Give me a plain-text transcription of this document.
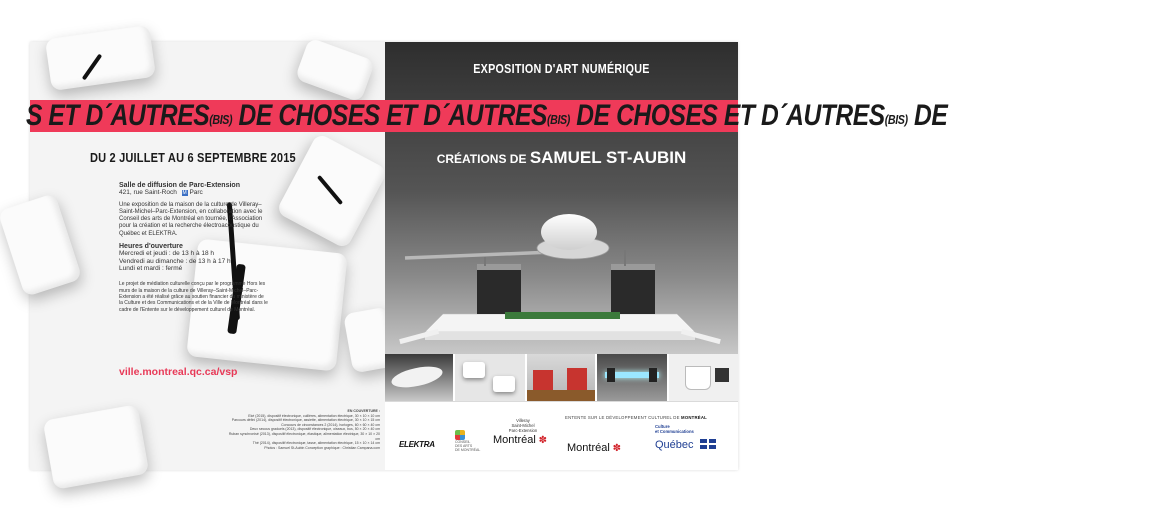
DU 2 JUILLET AU 6 SEPTEMBRE 2015
Salle de diffusion de Parc-Extension
421, rue Saint-Roch M Parc
Une exposition de la maison de la culture de Villeray–Saint-Michel–Parc-Extension, en collaboration avec le Conseil des arts de Montréal en tournée, l'Association pour la création et la recherche électroacoustique du Québec et ELEKTRA.
Heures d'ouverture
Mercredi et jeudi : de 13 h à 18 h
Vendredi au dimanche : de 13 h à 17 h
Lundi et mardi : fermé
Le projet de médiation culturelle conçu par le programme Hors les murs de la maison de la culture de Villeray–Saint-Michel–Parc-Extension a été réalisé grâce au soutien financier du ministère de la Culture et des Communications et de la Ville de Montréal dans le cadre de l'Entente sur le développement culturel de Montréal.
ville.montreal.qc.ca/vsp
EN COUVERTURE :
Eké (2015), dispositif électronique, cuillères, alimentation électrique, 30 × 10 × 10 cm
Parcours défini (2014), dispositif électronique, assiette, alimentation électrique, 30 × 10 × 15 cm
Concours de circonstances 2 (2014), horloges, 60 × 60 × 40 cm
Deux secous graduels (2013), dispositif électronique, oiseaux, bus, 50 × 20 × 40 cm
Ruban synchronisé (2013), dispositif électronique, élastique, alimentation électrique, 30 × 10 × 20 cm
Thé (2014), dispositif électronique, tasse, alimentation électrique, 15 × 10 × 14 cm
Photos : Samuel St-Aubin Conception graphique : Christian Campana.com
EXPOSITION D'ART NUMÉRIQUE
CRÉATIONS DE SAMUEL ST-AUBIN
ENTENTE SUR LE DÉVELOPPEMENT CULTUREL DE MONTRÉAL
ELEKTRA	CONSEIL
DES ARTS
DE MONTRÉAL
Villeray
Saint-Michel
Parc-Extension
Montréal ✽
Montréal ✽
Culture
et Communications
Québec
S ET $D´AUTRES^{(BIS)}$ DE CHOSES ET $D´AUTRES^{(BIS)}$ DE CHOSES ET $D´AUTRES^{(BIS)}$ DE
